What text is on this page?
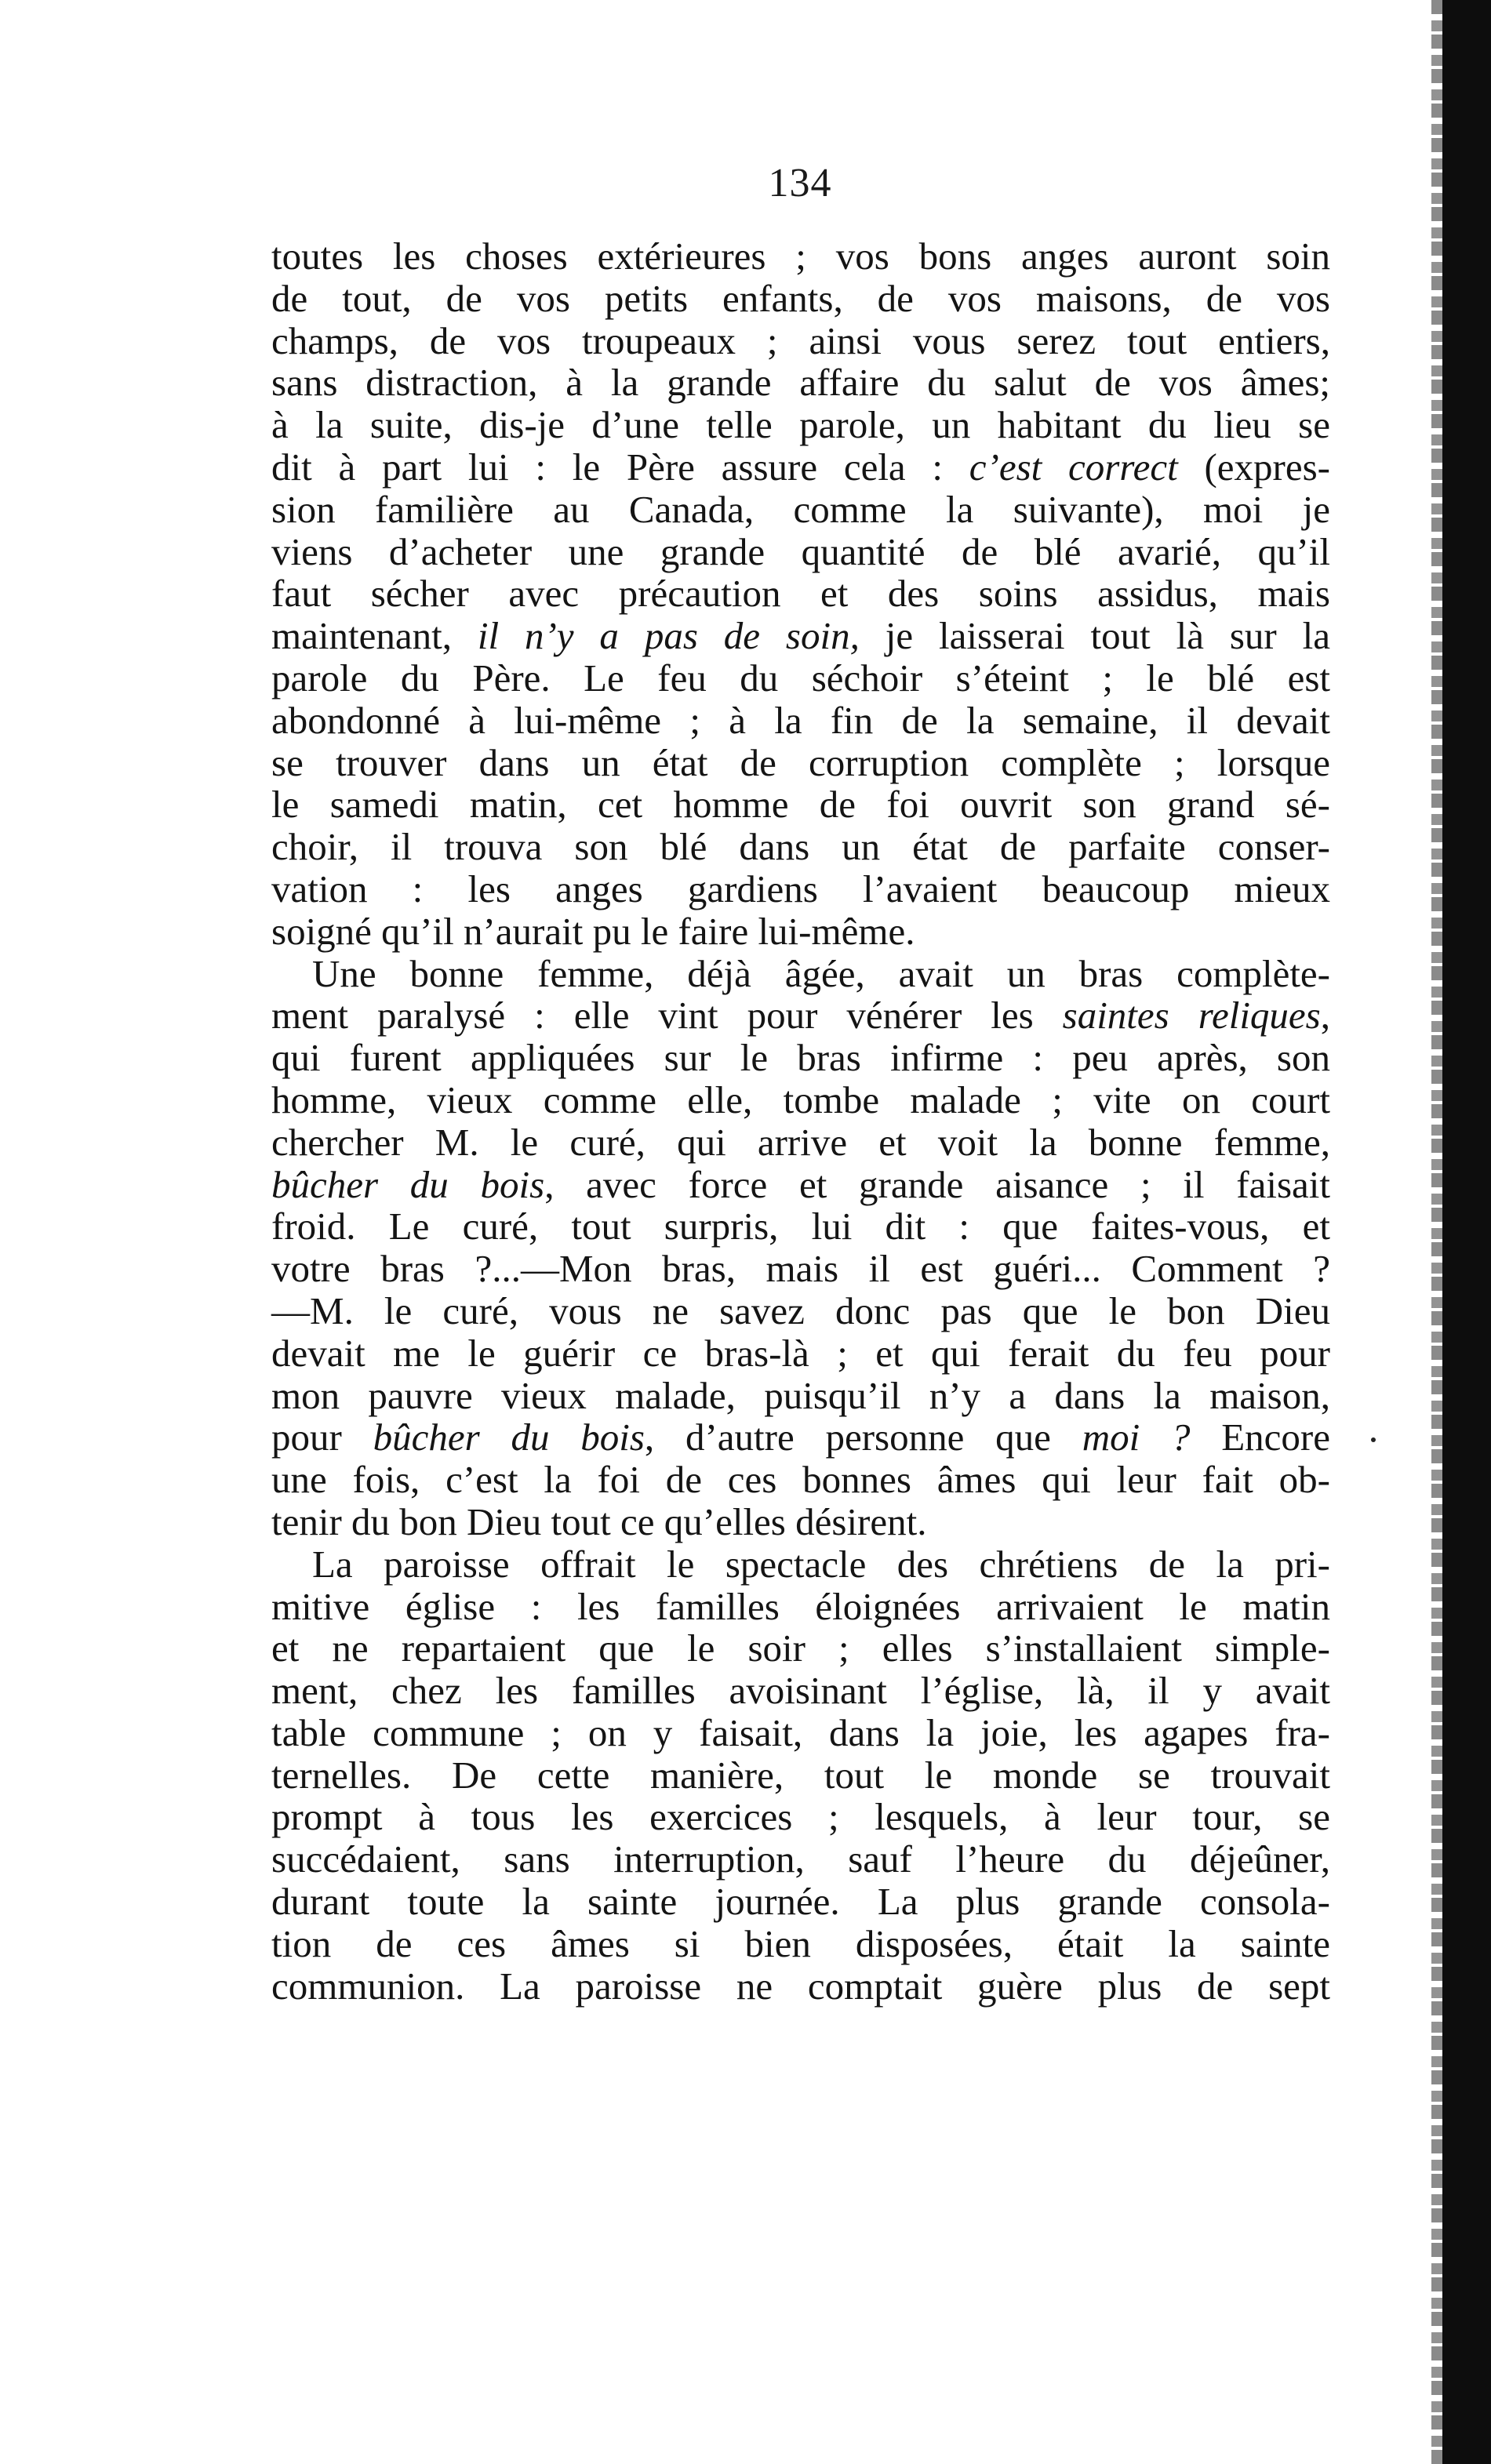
134
toutes les choses extérieures ; vos bons anges auront soin
de tout, de vos petits enfants, de vos maisons, de vos
champs, de vos troupeaux ; ainsi vous serez tout entiers,
sans distraction, à la grande affaire du salut de vos âmes;
à la suite, dis-je d’une telle parole, un habitant du lieu se
dit à part lui : le Père assure cela : c’est correct (expres-
sion familière au Canada, comme la suivante), moi je
viens d’acheter une grande quantité de blé avarié, qu’il
faut sécher avec précaution et des soins assidus, mais
maintenant, il n’y a pas de soin, je laisserai tout là sur la
parole du Père. Le feu du séchoir s’éteint ; le blé est
abondonné à lui-même ; à la fin de la semaine, il devait
se trouver dans un état de corruption complète ; lorsque
le samedi matin, cet homme de foi ouvrit son grand sé-
choir, il trouva son blé dans un état de parfaite conser-
vation : les anges gardiens l’avaient beaucoup mieux
soigné qu’il n’aurait pu le faire lui-même.
Une bonne femme, déjà âgée, avait un bras complète-
ment paralysé : elle vint pour vénérer les saintes reliques,
qui furent appliquées sur le bras infirme : peu après, son
homme, vieux comme elle, tombe malade ; vite on court
chercher M. le curé, qui arrive et voit la bonne femme,
bûcher du bois, avec force et grande aisance ; il faisait
froid. Le curé, tout surpris, lui dit : que faites-vous, et
votre bras ?...—Mon bras, mais il est guéri... Comment ?
—M. le curé, vous ne savez donc pas que le bon Dieu
devait me le guérir ce bras-là ; et qui ferait du feu pour
mon pauvre vieux malade, puisqu’il n’y a dans la maison,
pour bûcher du bois, d’autre personne que moi ? Encore
une fois, c’est la foi de ces bonnes âmes qui leur fait ob-
tenir du bon Dieu tout ce qu’elles désirent.
La paroisse offrait le spectacle des chrétiens de la pri-
mitive église : les familles éloignées arrivaient le matin
et ne repartaient que le soir ; elles s’installaient simple-
ment, chez les familles avoisinant l’église, là, il y avait
table commune ; on y faisait, dans la joie, les agapes fra-
ternelles. De cette manière, tout le monde se trouvait
prompt à tous les exercices ; lesquels, à leur tour, se
succédaient, sans interruption, sauf l’heure du déjeûner,
durant toute la sainte journée. La plus grande consola-
tion de ces âmes si bien disposées, était la sainte
communion. La paroisse ne comptait guère plus de sept
